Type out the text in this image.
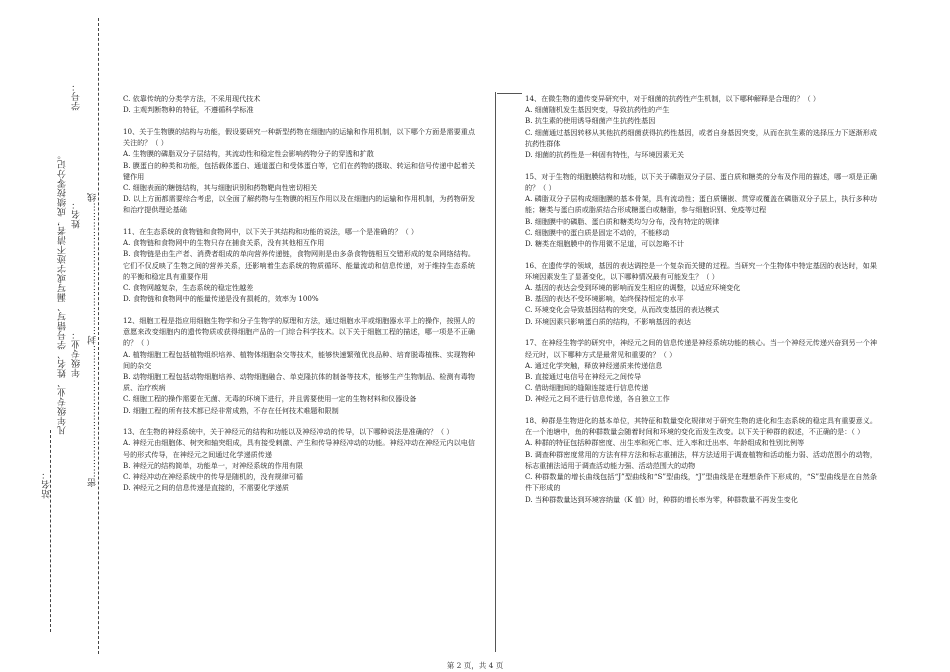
密……………………………………封……………………………………线
学号：
姓名：
年级专业：
凡年级专业、姓名、学号错写、漏写或字迹不清者，成绩按零分记。
站名：

C. 依靠传统的分类学方法，不采用现代技术

D. 主观判断物种的特征，不遵循科学标准

10、关于生物膜的结构与功能，假设要研究一种新型药物在细胞内的运输和作用机制，以下哪个方面是需要重点关注的？（ ）

A. 生物膜的磷脂双分子层结构，其流动性和稳定性会影响药物分子的穿透和扩散

B. 膜蛋白的种类和功能，包括载体蛋白、通道蛋白和受体蛋白等，它们在药物的摄取、转运和信号传递中起着关键作用

C. 细胞表面的糖链结构，其与细胞识别和药物靶向性密切相关

D. 以上方面都需要综合考虑，以全面了解药物与生物膜的相互作用以及在细胞内的运输和作用机制，为药物研发和治疗提供理论基础

11、在生态系统的食物链和食物网中，以下关于其结构和功能的说法，哪一个是准确的？（ ）

A. 食物链和食物网中的生物只存在捕食关系，没有其他相互作用

B. 食物链是由生产者、消费者组成的单向营养传递链，食物网则是由多条食物链相互交错形成的复杂网络结构。它们不仅反映了生物之间的营养关系，还影响着生态系统的物质循环、能量流动和信息传递，对于维持生态系统的平衡和稳定具有重要作用

C. 食物网越复杂，生态系统的稳定性越差

D. 食物链和食物网中的能量传递是没有损耗的，效率为 100%

12、细胞工程是指应用细胞生物学和分子生物学的原理和方法，通过细胞水平或细胞器水平上的操作，按照人的意愿来改变细胞内的遗传物质或获得细胞产品的一门综合科学技术。以下关于细胞工程的描述，哪一项是不正确的？（ ）

A. 植物细胞工程包括植物组织培养、植物体细胞杂交等技术，能够快速繁殖优良品种、培育脱毒植株、实现物种间的杂交

B. 动物细胞工程包括动物细胞培养、动物细胞融合、单克隆抗体的制备等技术，能够生产生物制品、检测有毒物质、治疗疾病

C. 细胞工程的操作需要在无菌、无毒的环境下进行，并且需要使用一定的生物材料和仪器设备

D. 细胞工程的所有技术都已经非常成熟，不存在任何技术难题和限制

13、在生物的神经系统中，关于神经元的结构和功能以及神经冲动的传导，以下哪种说法是准确的？（ ）

A. 神经元由细胞体、树突和轴突组成，具有接受刺激、产生和传导神经冲动的功能。神经冲动在神经元内以电信号的形式传导，在神经元之间通过化学递质传递

B. 神经元的结构简单，功能单一，对神经系统的作用有限

C. 神经冲动在神经系统中的传导是随机的，没有规律可循

D. 神经元之间的信息传递是直接的，不需要化学递质

14、在微生物的遗传变异研究中，对于细菌的抗药性产生机制，以下哪种解释是合理的？（ ）

A. 细菌随机发生基因突变，导致抗药性的产生

B. 抗生素的使用诱导细菌产生抗药性基因

C. 细菌通过基因转移从其他抗药细菌获得抗药性基因，或者自身基因突变，从而在抗生素的选择压力下逐渐形成抗药性群体

D. 细菌的抗药性是一种固有特性，与环境因素无关

15、对于生物的细胞膜结构和功能，以下关于磷脂双分子层、蛋白质和糖类的分布及作用的描述，哪一项是正确的？（ ）

A. 磷脂双分子层构成细胞膜的基本骨架，具有流动性；蛋白质镶嵌、贯穿或覆盖在磷脂双分子层上，执行多种功能；糖类与蛋白质或脂质结合形成糖蛋白或糖脂，参与细胞识别、免疫等过程

B. 细胞膜中的磷脂、蛋白质和糖类均匀分布，没有特定的规律

C. 细胞膜中的蛋白质是固定不动的，不能移动

D. 糖类在细胞膜中的作用微不足道，可以忽略不计

16、在遗传学的领域，基因的表达调控是一个复杂而关键的过程。当研究一个生物体中特定基因的表达时，如果环境因素发生了显著变化，以下哪种情况最有可能发生？（ ）

A. 基因的表达会受到环境的影响而发生相应的调整，以适应环境变化

B. 基因的表达不受环境影响，始终保持恒定的水平

C. 环境变化会导致基因结构的突变，从而改变基因的表达模式

D. 环境因素只影响蛋白质的结构，不影响基因的表达

17、在神经生物学的研究中，神经元之间的信息传递是神经系统功能的核心。当一个神经元传递兴奋到另一个神经元时，以下哪种方式是最常见和重要的？（ ）

A. 通过化学突触，释放神经递质来传递信息

B. 直接通过电信号在神经元之间传导

C. 借助细胞间的缝隙连接进行信息传递

D. 神经元之间不进行信息传递，各自独立工作

18、种群是生物进化的基本单位，其特征和数量变化规律对于研究生物的进化和生态系统的稳定具有重要意义。在一个池塘中，鱼的种群数量会随着时间和环境的变化而发生改变。以下关于种群的叙述，不正确的是：（ ）

A. 种群的特征包括种群密度、出生率和死亡率、迁入率和迁出率、年龄组成和性别比例等

B. 调查种群密度常用的方法有样方法和标志重捕法，样方法适用于调查植物和活动能力弱、活动范围小的动物，标志重捕法适用于调查活动能力强、活动范围大的动物

C. 种群数量的增长曲线包括“J”型曲线和“S”型曲线，“J”型曲线是在理想条件下形成的，“S”型曲线是在自然条件下形成的

D. 当种群数量达到环境容纳量（K 值）时，种群的增长率为零，种群数量不再发生变化

第 2 页，共 4 页
